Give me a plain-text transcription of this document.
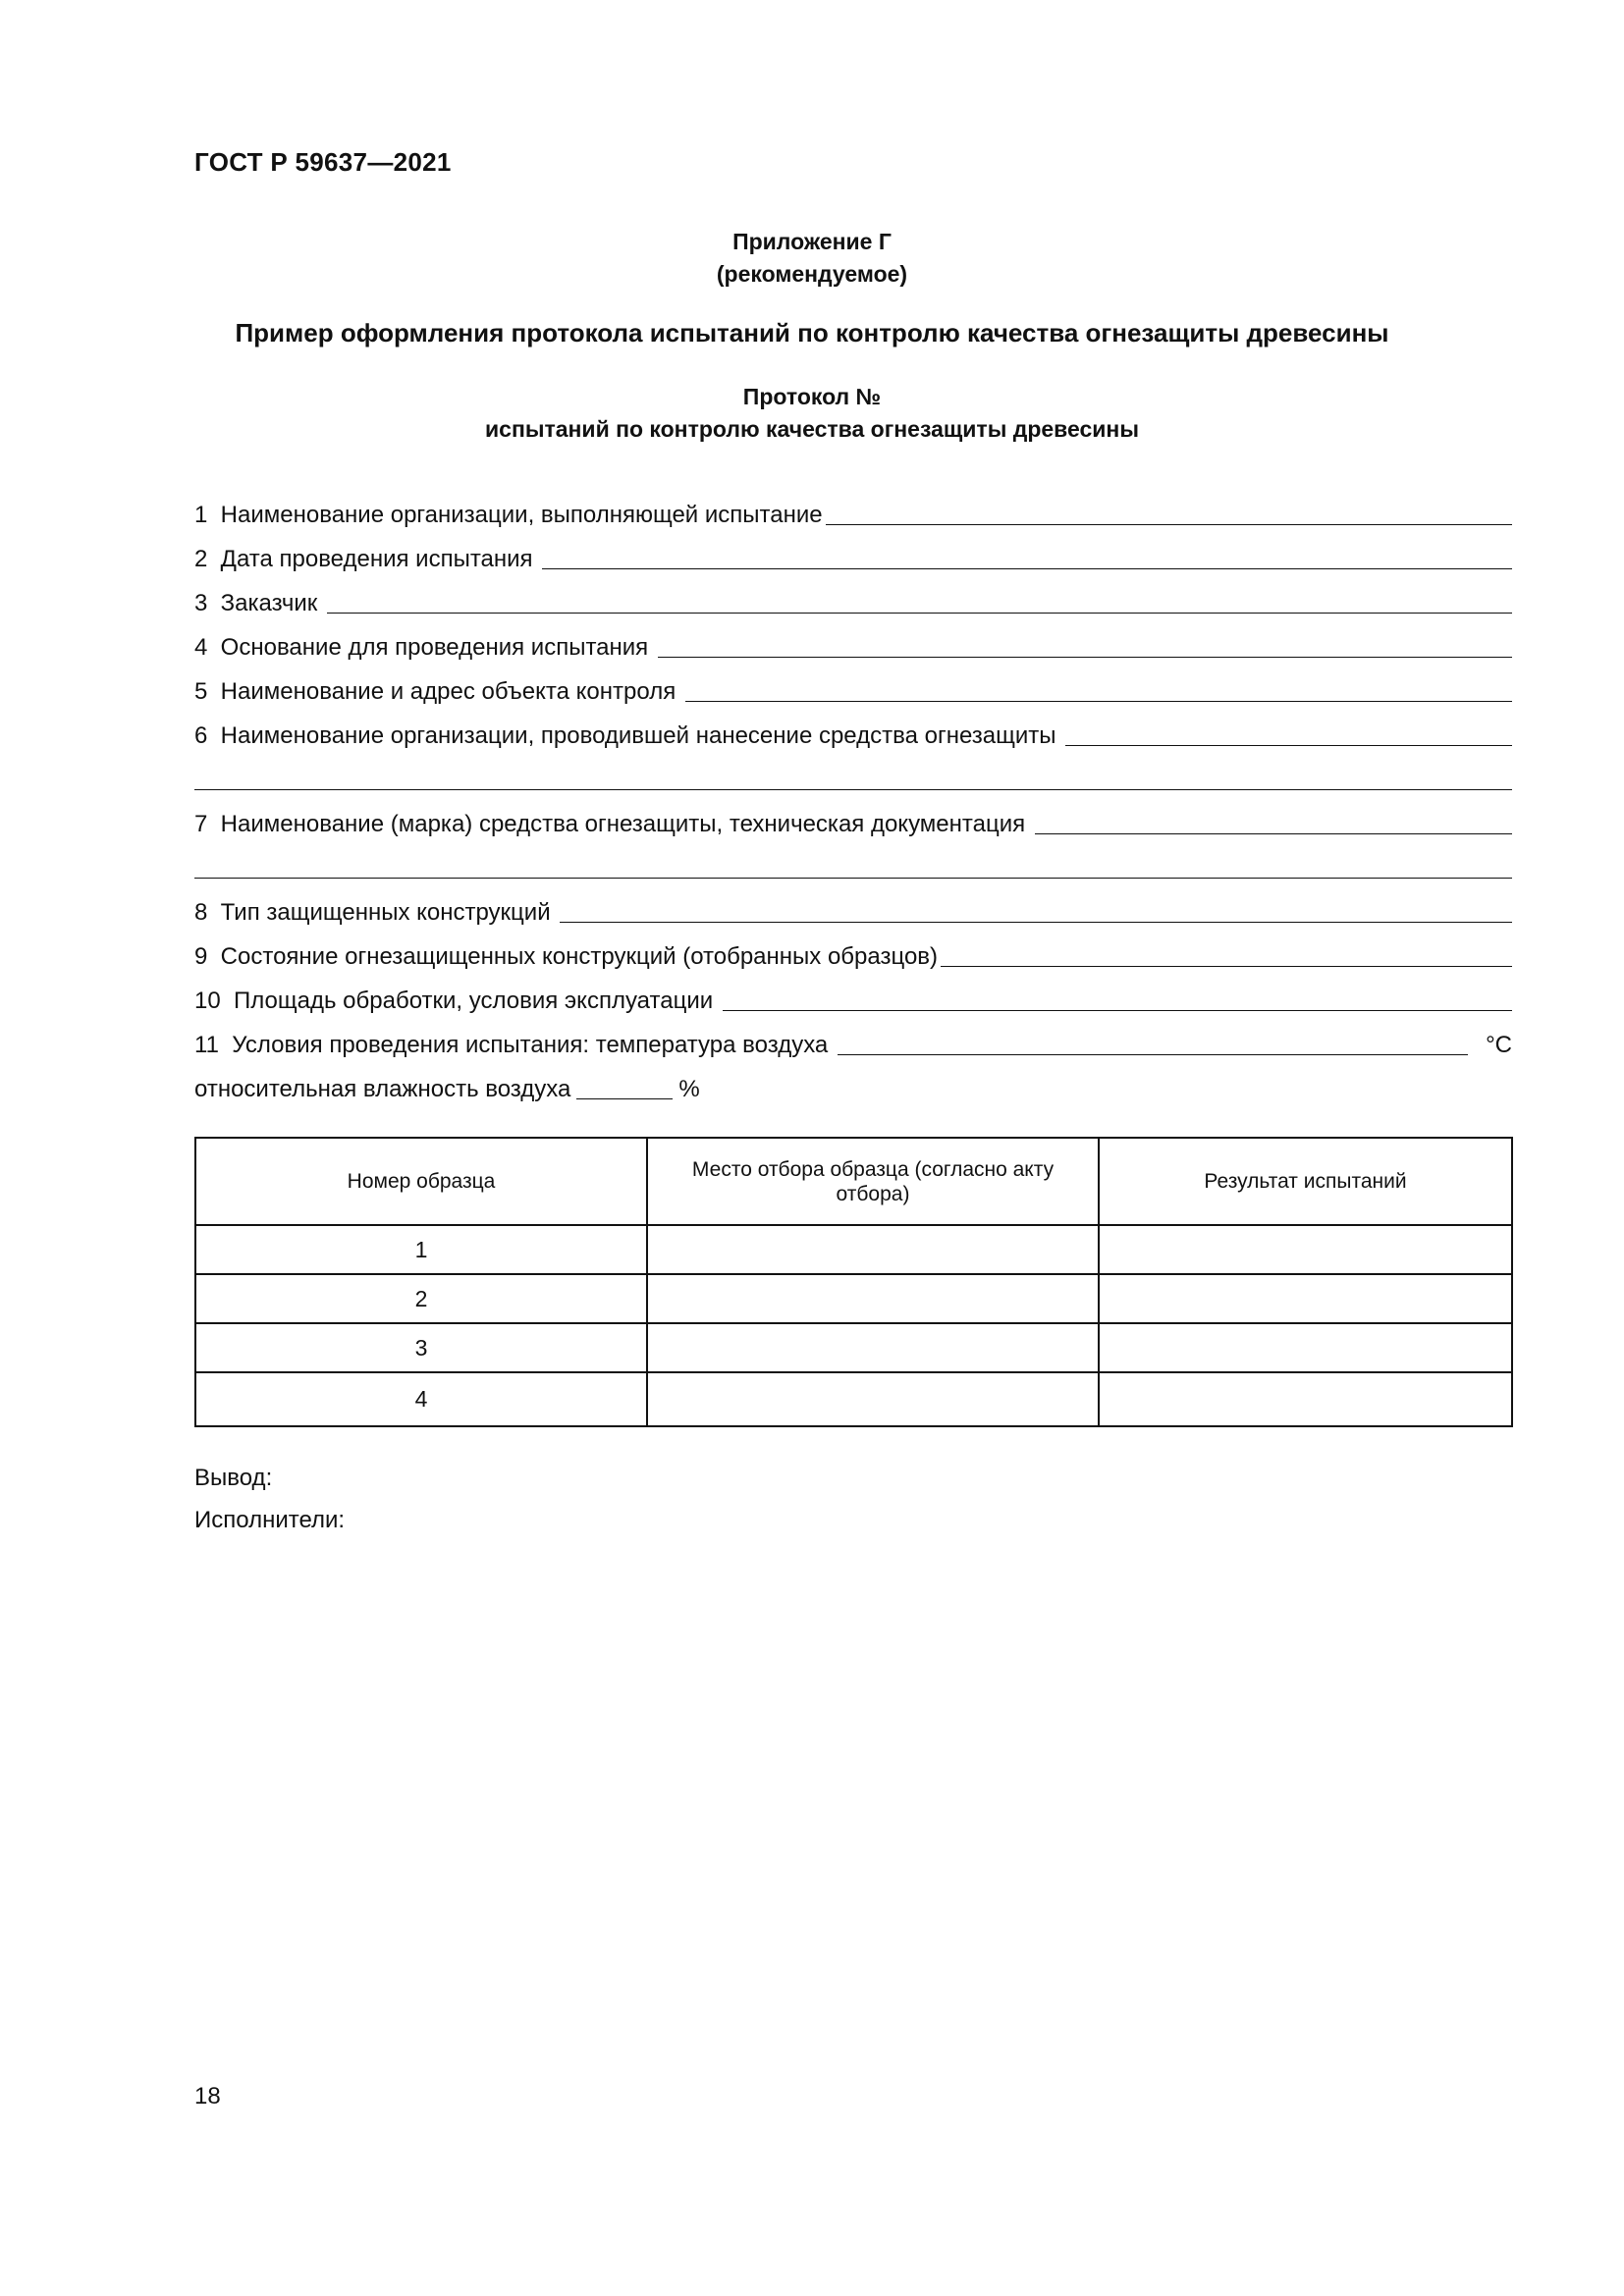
ГОСТ Р 59637—2021
Приложение Г
(рекомендуемое)
Пример оформления протокола испытаний по контролю качества огнезащиты древесины
Протокол №
испытаний по контролю качества огнезащиты древесины
1  Наименование организации, выполняющей испытание
2  Дата проведения испытания
3  Заказчик
4  Основание для проведения испытания
5  Наименование и адрес объекта контроля
6  Наименование организации, проводившей нанесение средства огнезащиты
7  Наименование (марка) средства огнезащиты, техническая документация
8  Тип защищенных конструкций
9  Состояние огнезащищенных конструкций (отобранных образцов)
10  Площадь обработки, условия эксплуатации
11  Условия проведения испытания: температура воздуха	°С
относительная влажность воздуха	%
Номер образца	Место отбора образца (согласно акту отбора)	Результат испытаний
1		
2		
3		
4		
Вывод:
Исполнители:
18
